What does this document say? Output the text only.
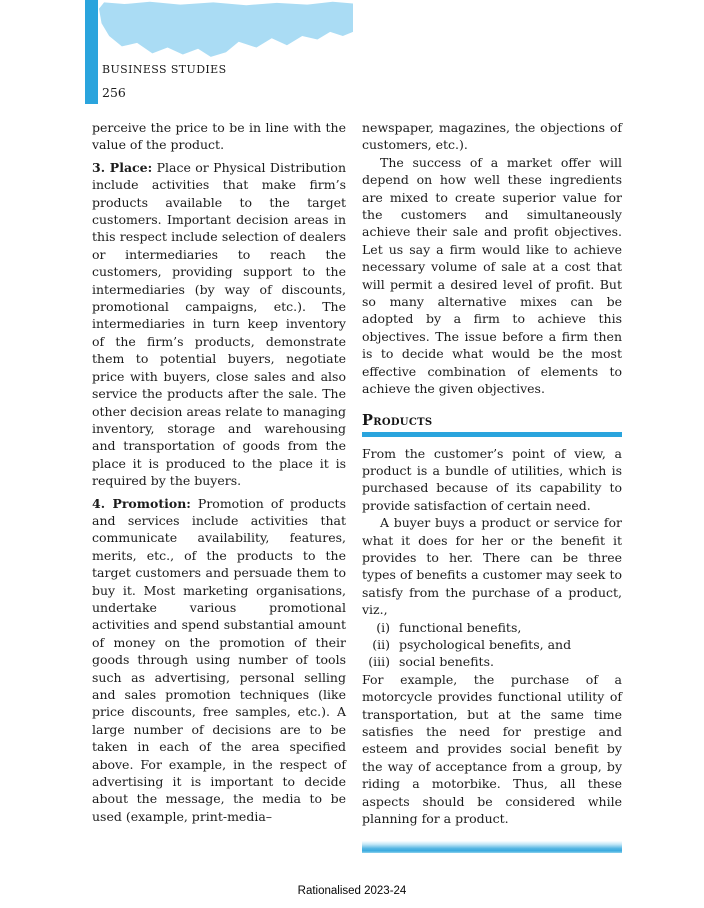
BUSINESS STUDIES
256

perceive the price to be in line with the value of the product.

3. Place: Place or Physical Distribution include activities that make firm’s products available to the target customers. Important decision areas in this respect include selection of dealers or intermediaries to reach the customers, providing support to the intermediaries (by way of discounts, promotional campaigns, etc.). The intermediaries in turn keep inventory of the firm’s products, demonstrate them to potential buyers, negotiate price with buyers, close sales and also service the products after the sale. The other decision areas relate to managing inventory, storage and warehousing and transportation of goods from the place it is produced to the place it is required by the buyers.

4. Promotion: Promotion of products and services include activities that communicate availability, features, merits, etc., of the products to the target customers and persuade them to buy it. Most marketing organisations, undertake various promotional activities and spend substantial amount of money on the promotion of their goods through using number of tools such as advertising, personal selling and sales promotion techniques (like price discounts, free samples, etc.). A large number of decisions are to be taken in each of the area specified above. For example, in the respect of advertising it is important to decide about the message, the media to be used (example, print-media–

newspaper, magazines, the objections of customers, etc.).

The success of a market offer will depend on how well these ingredients are mixed to create superior value for the customers and simultaneously achieve their sale and profit objectives. Let us say a firm would like to achieve necessary volume of sale at a cost that will permit a desired level of profit. But so many alternative mixes can be adopted by a firm to achieve this objectives. The issue before a firm then is to decide what would be the most effective combination of elements to achieve the given objectives.

Products

From the customer’s point of view, a product is a bundle of utilities, which is purchased because of its capability to provide satisfaction of certain need.

A buyer buys a product or service for what it does for her or the benefit it provides to her. There can be three types of benefits a customer may seek to satisfy from the purchase of a product, viz.,

(i) functional benefits,
(ii) psychological benefits, and
(iii) social benefits.

For example, the purchase of a motorcycle provides functional utility of transportation, but at the same time satisfies the need for prestige and esteem and provides social benefit by the way of acceptance from a group, by riding a motorbike. Thus, all these aspects should be considered while planning for a product.

Rationalised 2023-24
